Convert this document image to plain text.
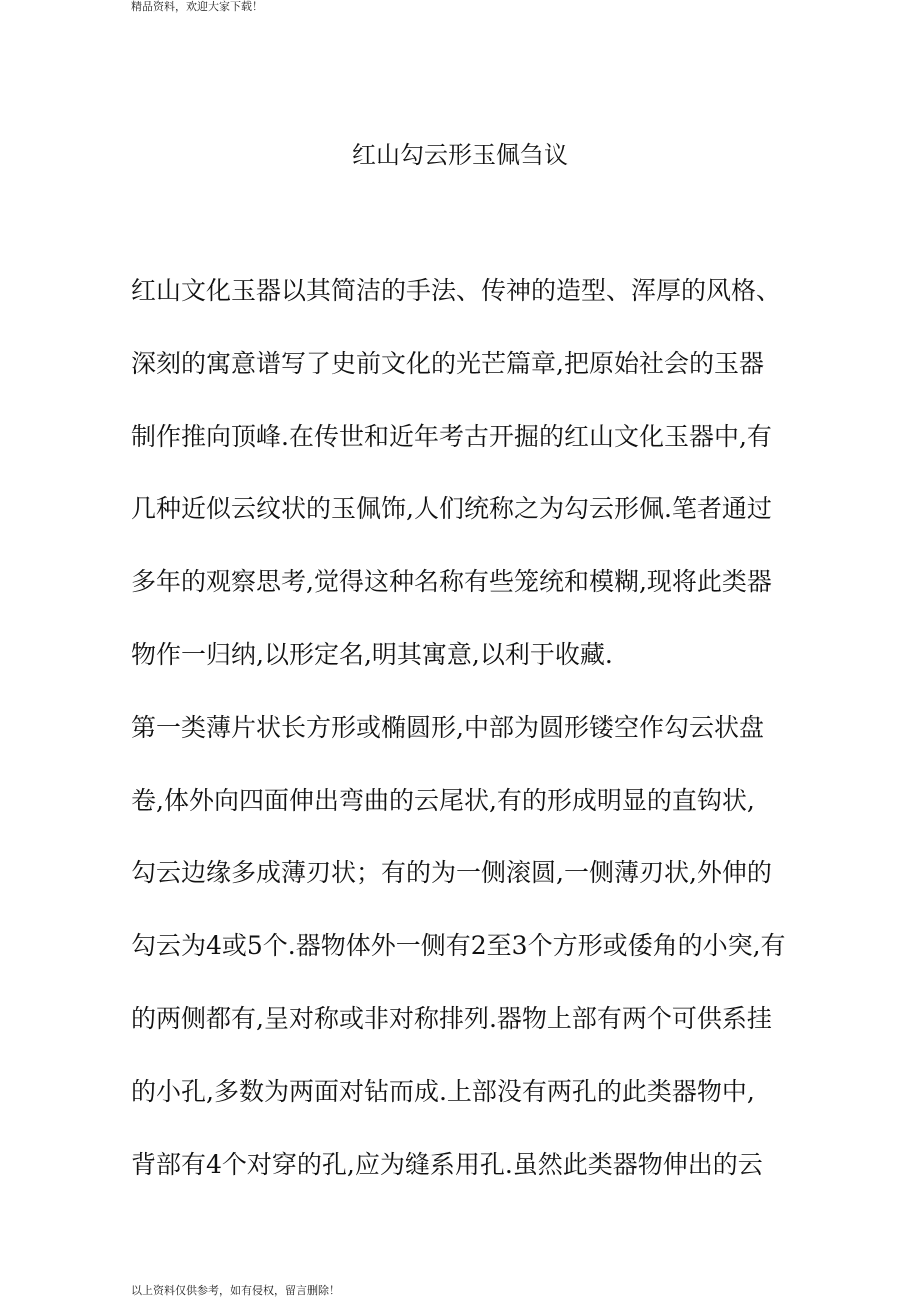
精品资料，欢迎大家下载！
红山勾云形玉佩刍议
红山文化玉器以其简洁的手法、传神的造型、浑厚的风格、
深刻的寓意谱写了史前文化的光芒篇章,把原始社会的玉器
制作推向顶峰.在传世和近年考古开掘的红山文化玉器中,有
几种近似云纹状的玉佩饰,人们统称之为勾云形佩.笔者通过
多年的观察思考,觉得这种名称有些笼统和模糊,现将此类器
物作一归纳,以形定名,明其寓意,以利于收藏.
第一类薄片状长方形或椭圆形,中部为圆形镂空作勾云状盘
卷,体外向四面伸出弯曲的云尾状,有的形成明显的直钩状,
勾云边缘多成薄刃状；有的为一侧滚圆,一侧薄刃状,外伸的
勾云为4或5个.器物体外一侧有2至3个方形或倭角的小突,有
的两侧都有,呈对称或非对称排列.器物上部有两个可供系挂
的小孔,多数为两面对钻而成.上部没有两孔的此类器物中,
背部有4个对穿的孔,应为缝系用孔.虽然此类器物伸出的云
以上资料仅供参考，如有侵权，留言删除！
